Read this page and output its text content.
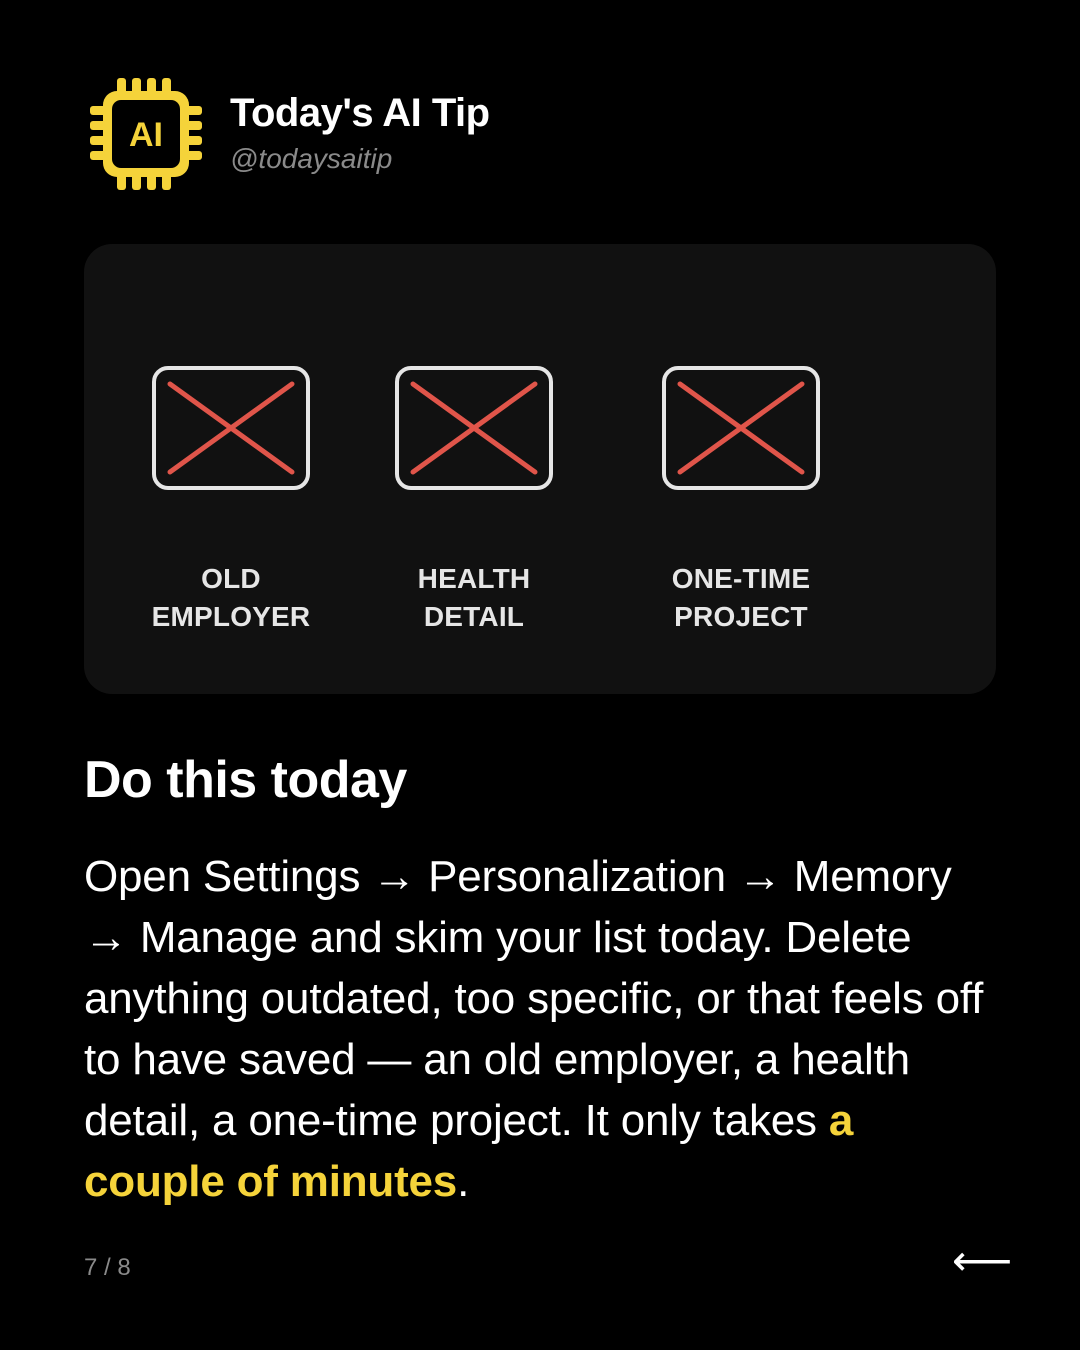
AI Today's AI Tip
@todaysaitip
OLD
EMPLOYER
HEALTH
DETAIL
ONE-TIME
PROJECT
Do this today
Open Settings → Personalization → Memory → Manage and skim your list today. Delete anything outdated, too specific, or that feels off to have saved — an old employer, a health detail, a one-time project. It only takes a couple of minutes.
7 / 8	⟵
